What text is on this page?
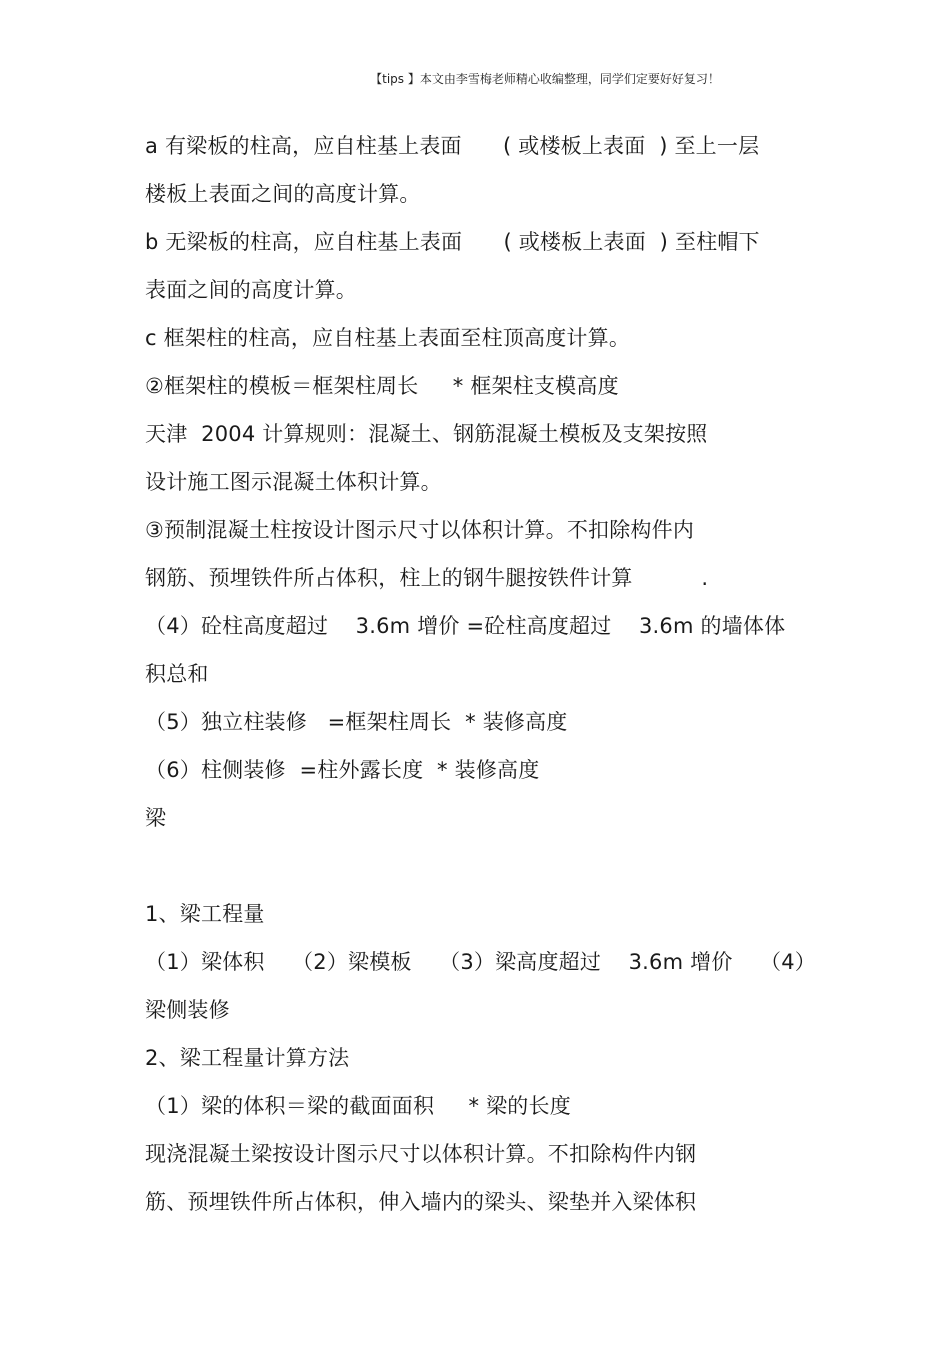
【tips 】本文由李雪梅老师精心收编整理，同学们定要好好复习！
a 有梁板的柱高，应自柱基上表面      ( 或楼板上表面  ) 至上一层
楼板上表面之间的高度计算。
b 无梁板的柱高，应自柱基上表面      ( 或楼板上表面  ) 至柱帽下
表面之间的高度计算。
c 框架柱的柱高，应自柱基上表面至柱顶高度计算。
②框架柱的模板＝框架柱周长     * 框架柱支模高度
天津  2004 计算规则：混凝土、钢筋混凝土模板及支架按照
设计施工图示混凝土体积计算。
③预制混凝土柱按设计图示尺寸以体积计算。不扣除构件内
钢筋、预埋铁件所占体积，柱上的钢牛腿按铁件计算          .
（4）砼柱高度超过    3.6m 增价 =砼柱高度超过    3.6m 的墙体体
积总和
（5）独立柱装修   =框架柱周长  * 装修高度
（6）柱侧装修  =柱外露长度  * 装修高度
梁
1、梁工程量
（1）梁体积    （2）梁模板    （3）梁高度超过    3.6m 增价    （4）
梁侧装修
2、梁工程量计算方法
（1）梁的体积＝梁的截面面积     * 梁的长度
现浇混凝土梁按设计图示尺寸以体积计算。不扣除构件内钢
筋、预埋铁件所占体积，伸入墙内的梁头、梁垫并入梁体积
